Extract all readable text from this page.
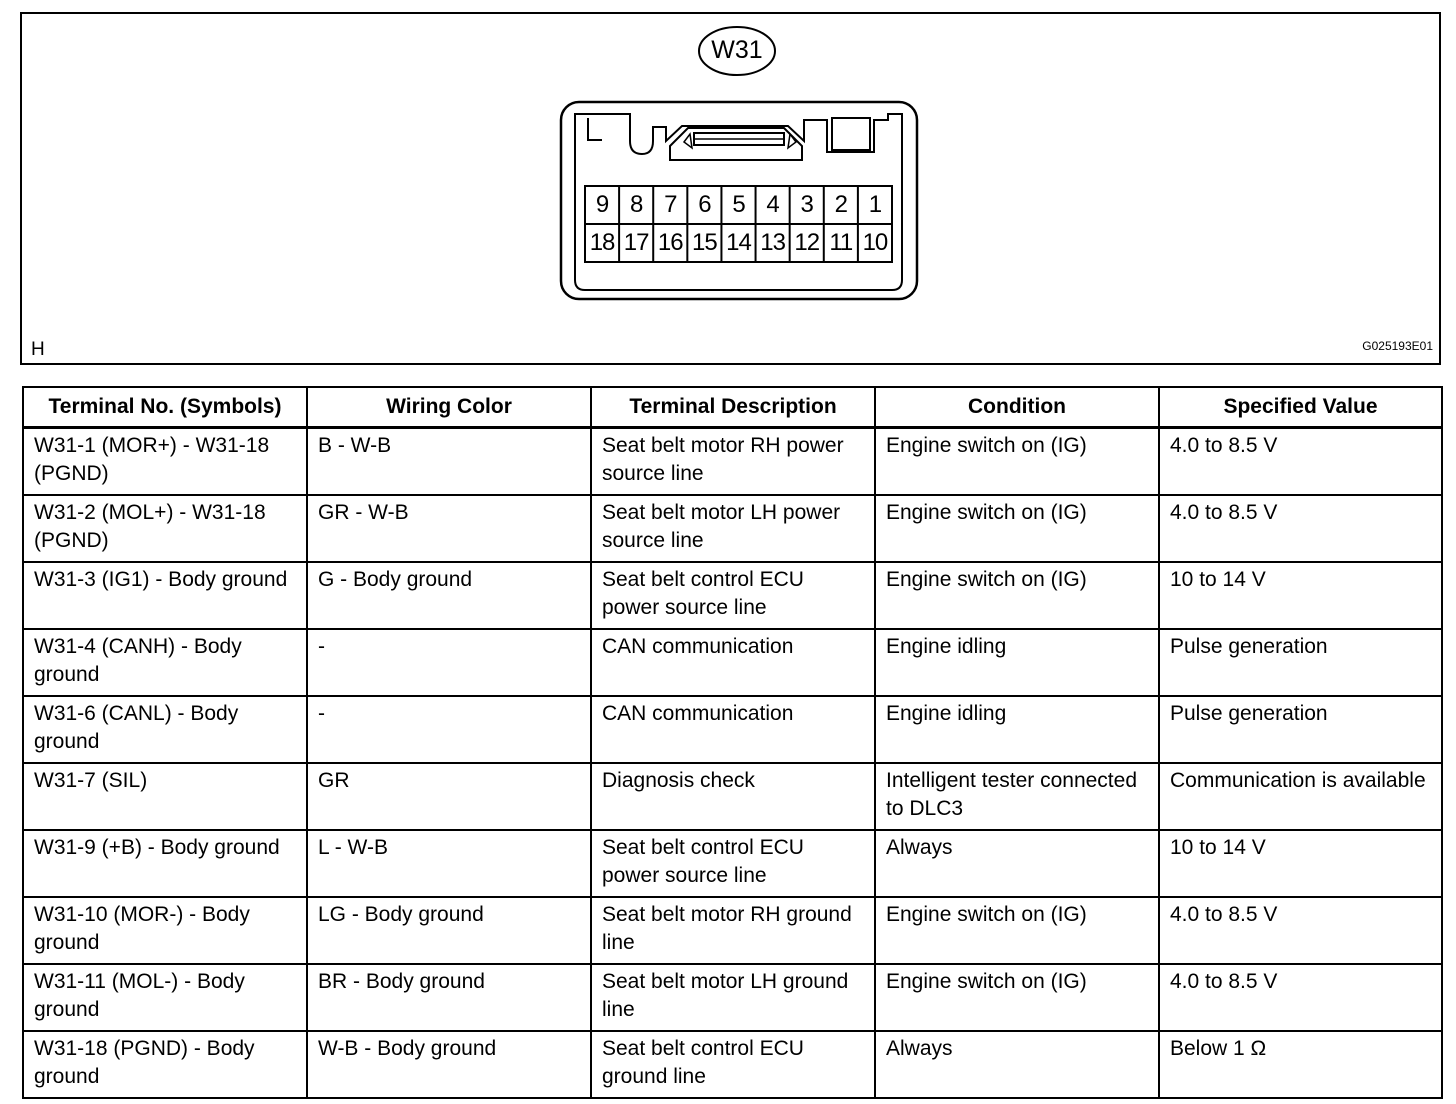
W31
9 8 7 6 5 4 3 2 1
18 17 16 15 14 13 12 11 10
H	G025193E01
Terminal No. (Symbols)	Wiring Color	Terminal Description	Condition	Specified Value
W31-1 (MOR+) - W31-18 (PGND)	B - W-B	Seat belt motor RH power source line	Engine switch on (IG)	4.0 to 8.5 V
W31-2 (MOL+) - W31-18 (PGND)	GR - W-B	Seat belt motor LH power source line	Engine switch on (IG)	4.0 to 8.5 V
W31-3 (IG1) - Body ground	G - Body ground	Seat belt control ECU power source line	Engine switch on (IG)	10 to 14 V
W31-4 (CANH) - Body ground	-	CAN communication	Engine idling	Pulse generation
W31-6 (CANL) - Body ground	-	CAN communication	Engine idling	Pulse generation
W31-7 (SIL)	GR	Diagnosis check	Intelligent tester connected to DLC3	Communication is available
W31-9 (+B) - Body ground	L - W-B	Seat belt control ECU power source line	Always	10 to 14 V
W31-10 (MOR-) - Body ground	LG - Body ground	Seat belt motor RH ground line	Engine switch on (IG)	4.0 to 8.5 V
W31-11 (MOL-) - Body ground	BR - Body ground	Seat belt motor LH ground line	Engine switch on (IG)	4.0 to 8.5 V
W31-18 (PGND) - Body ground	W-B - Body ground	Seat belt control ECU ground line	Always	Below 1 Ω
